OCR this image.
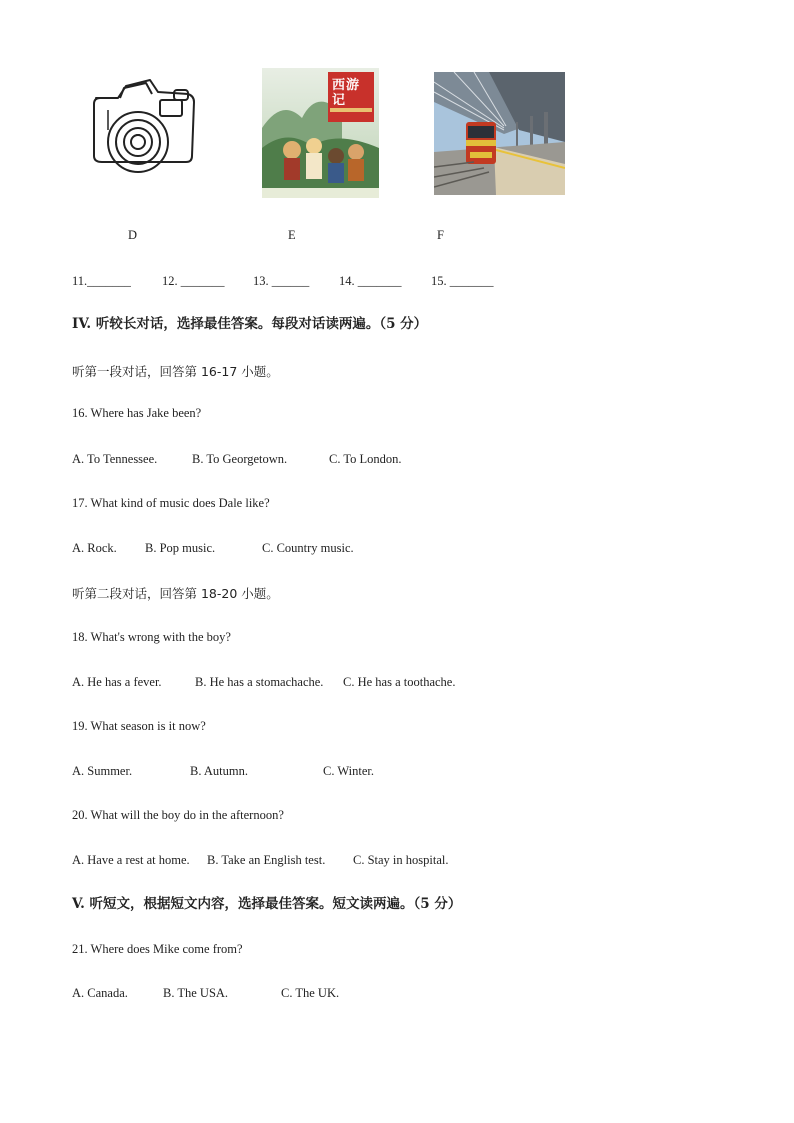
西游记
D	E	F
11._______ 12. _______ 13. ______ 14. _______ 15. _______
IV. 听较长对话，选择最佳答案。每段对话读两遍。（5 分）
听第一段对话，回答第 16-17 小题。
16. Where has Jake been?
A. To Tennessee.	B. To Georgetown.	C. To London.
17. What kind of music does Dale like?
A. Rock. B. Pop music.	C. Country music.
听第二段对话，回答第 18-20 小题。
18. What's wrong with the boy?
A. He has a fever.	B. He has a stomachache. C. He has a toothache.
19. What season is it now?
A. Summer.	B. Autumn.	C. Winter.
20. What will the boy do in the afternoon?
A. Have a rest at home. B. Take an English test. C. Stay in hospital.
V. 听短文，根据短文内容，选择最佳答案。短文读两遍。（5 分）
21. Where does Mike come from?
A. Canada.	B. The USA.	C. The UK.
